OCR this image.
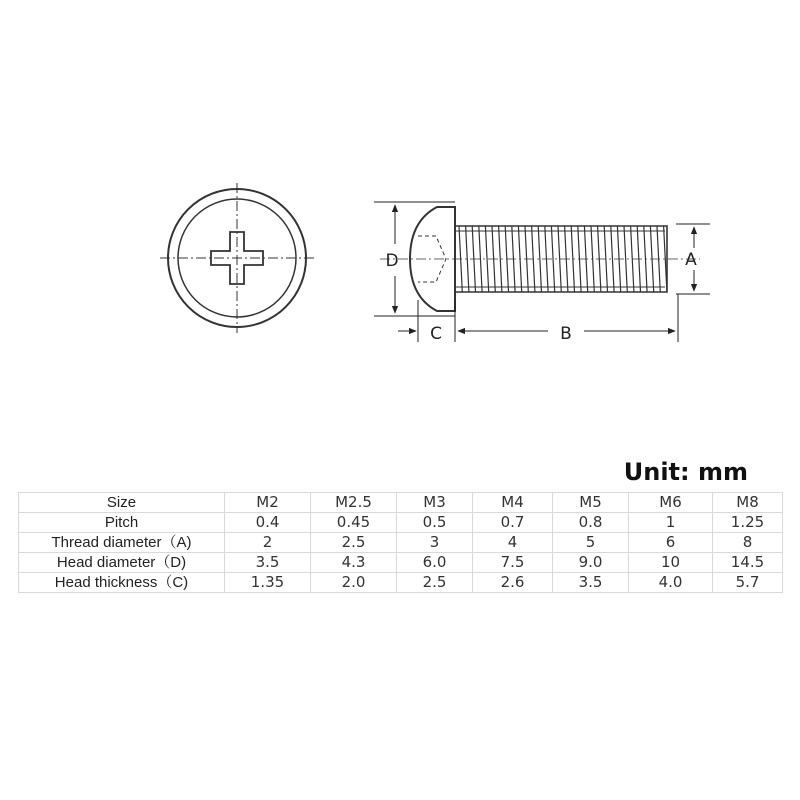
D	A
C	B
Unit: mm
Size	M2	M2.5	M3	M4	M5	M6	M8
Pitch	0.4	0.45	0.5	0.7	0.8	1	1.25
Thread diameter（A)	2	2.5	3	4	5	6	8
Head diameter（D)	3.5	4.3	6.0	7.5	9.0	10	14.5
Head thickness（C)	1.35	2.0	2.5	2.6	3.5	4.0	5.7
